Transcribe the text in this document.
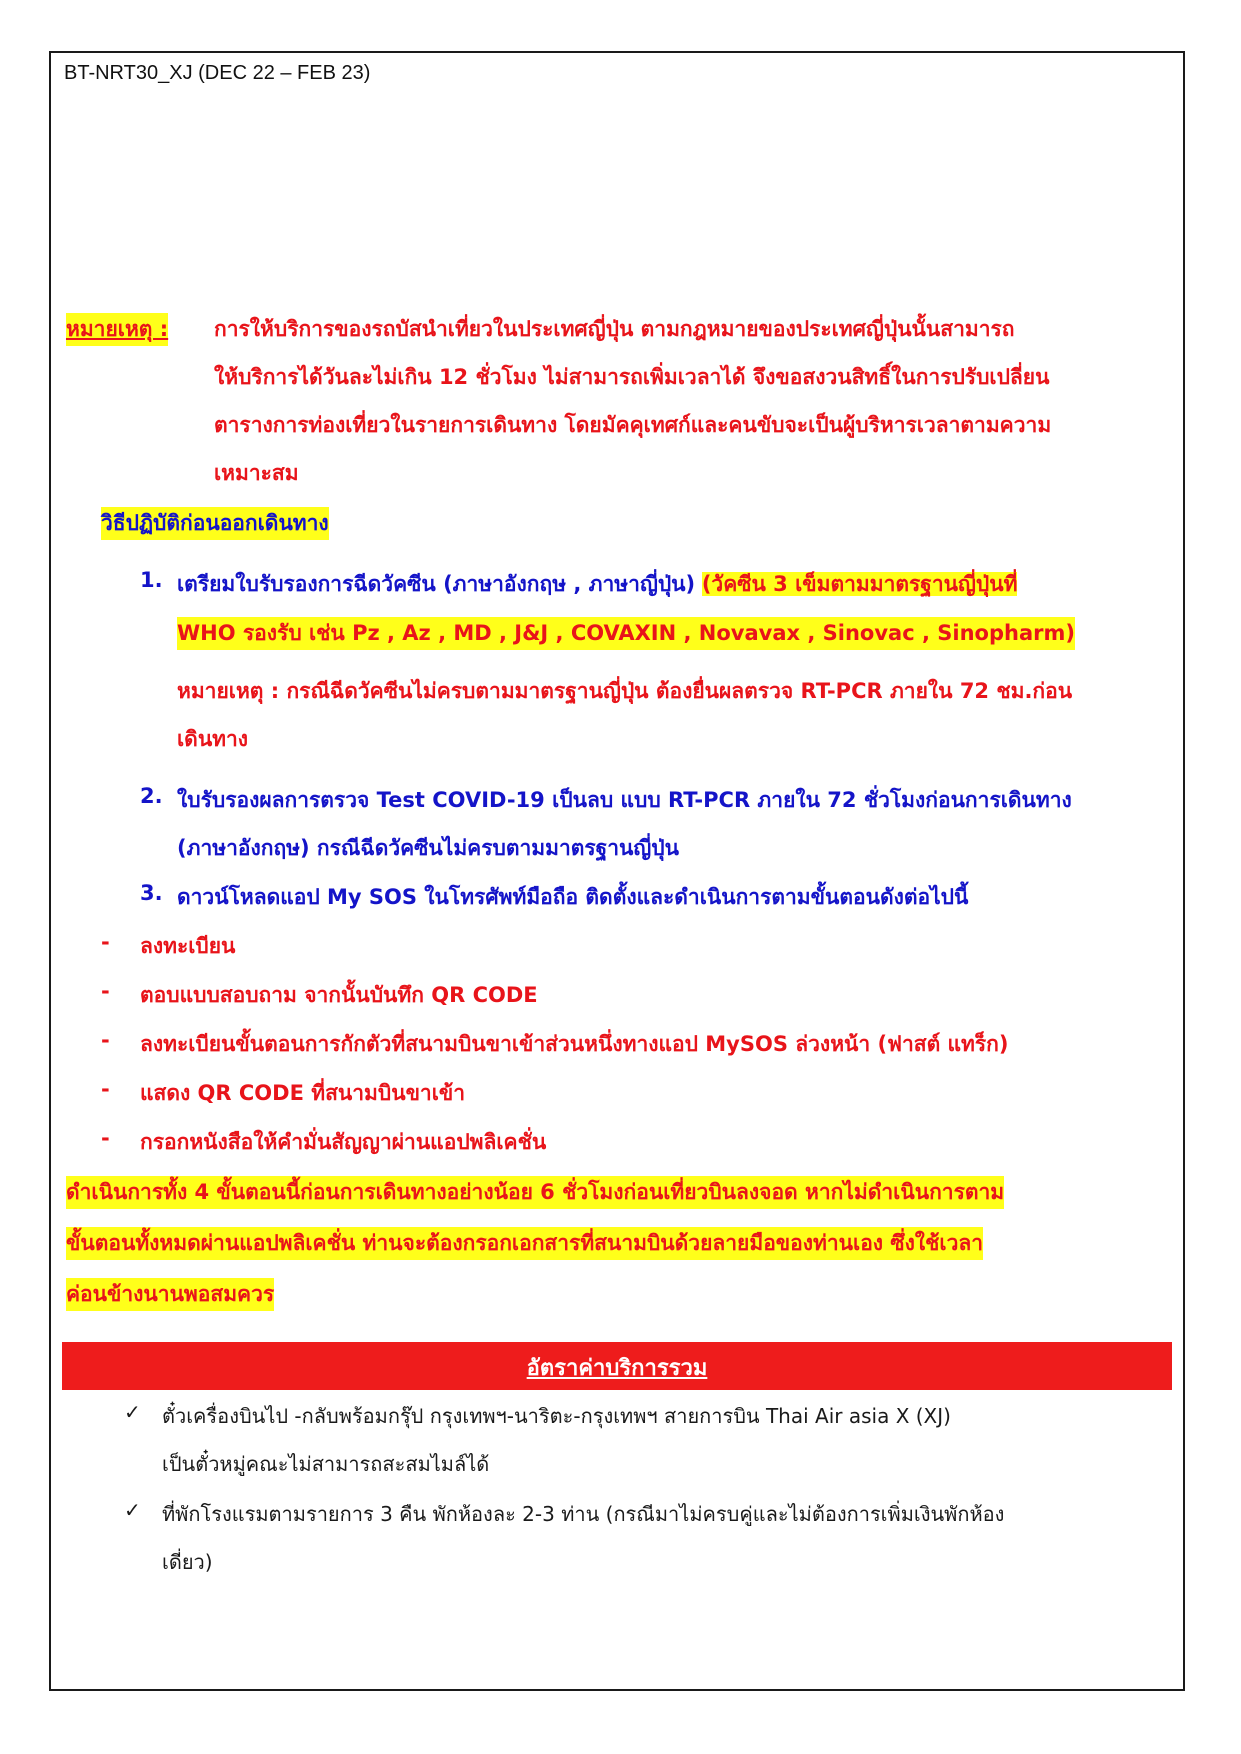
BT-NRT30_XJ (DEC 22 – FEB 23)
หมายเหตุ : การให้บริการของรถบัสนำเที่ยวในประเทศญี่ปุ่น ตามกฎหมายของประเทศญี่ปุ่นนั้นสามารถ
ให้บริการได้วันละไม่เกิน 12 ชั่วโมง ไม่สามารถเพิ่มเวลาได้ จึงขอสงวนสิทธิ์ในการปรับเปลี่ยน
ตารางการท่องเที่ยวในรายการเดินทาง โดยมัคคุเทศก์และคนขับจะเป็นผู้บริหารเวลาตามความ
เหมาะสม
วิธีปฏิบัติก่อนออกเดินทาง
1. เตรียมใบรับรองการฉีดวัคซีน (ภาษาอังกฤษ , ภาษาญี่ปุ่น) (วัคซีน 3 เข็มตามมาตรฐานญี่ปุ่นที่
WHO รองรับ เช่น Pz , Az , MD , J&J , COVAXIN , Novavax , Sinovac , Sinopharm)
หมายเหตุ : กรณีฉีดวัคซีนไม่ครบตามมาตรฐานญี่ปุ่น ต้องยื่นผลตรวจ RT-PCR ภายใน 72 ชม.ก่อน
เดินทาง
2. ใบรับรองผลการตรวจ Test COVID-19 เป็นลบ แบบ RT-PCR ภายใน 72 ชั่วโมงก่อนการเดินทาง
(ภาษาอังกฤษ) กรณีฉีดวัคซีนไม่ครบตามมาตรฐานญี่ปุ่น
3. ดาวน์โหลดแอป My SOS ในโทรศัพท์มือถือ ติดตั้งและดำเนินการตามขั้นตอนดังต่อไปนี้
- ลงทะเบียน
- ตอบแบบสอบถาม จากนั้นบันทึก QR CODE
- ลงทะเบียนขั้นตอนการกักตัวที่สนามบินขาเข้าส่วนหนึ่งทางแอป MySOS ล่วงหน้า (ฟาสต์ แทร็ก)
- แสดง QR CODE ที่สนามบินขาเข้า
- กรอกหนังสือให้คำมั่นสัญญาผ่านแอปพลิเคชั่น
ดำเนินการทั้ง 4 ขั้นตอนนี้ก่อนการเดินทางอย่างน้อย 6 ชั่วโมงก่อนเที่ยวบินลงจอด หากไม่ดำเนินการตาม
ขั้นตอนทั้งหมดผ่านแอปพลิเคชั่น ท่านจะต้องกรอกเอกสารที่สนามบินด้วยลายมือของท่านเอง ซึ่งใช้เวลา
ค่อนข้างนานพอสมควร
อัตราค่าบริการรวม
✓ ตั๋วเครื่องบินไป -กลับพร้อมกรุ๊ป กรุงเทพฯ-นาริตะ-กรุงเทพฯ สายการบิน Thai Air asia X (XJ)
เป็นตั๋วหมู่คณะไม่สามารถสะสมไมล์ได้
✓ ที่พักโรงแรมตามรายการ 3 คืน พักห้องละ 2-3 ท่าน (กรณีมาไม่ครบคู่และไม่ต้องการเพิ่มเงินพักห้อง
เดี่ยว)
